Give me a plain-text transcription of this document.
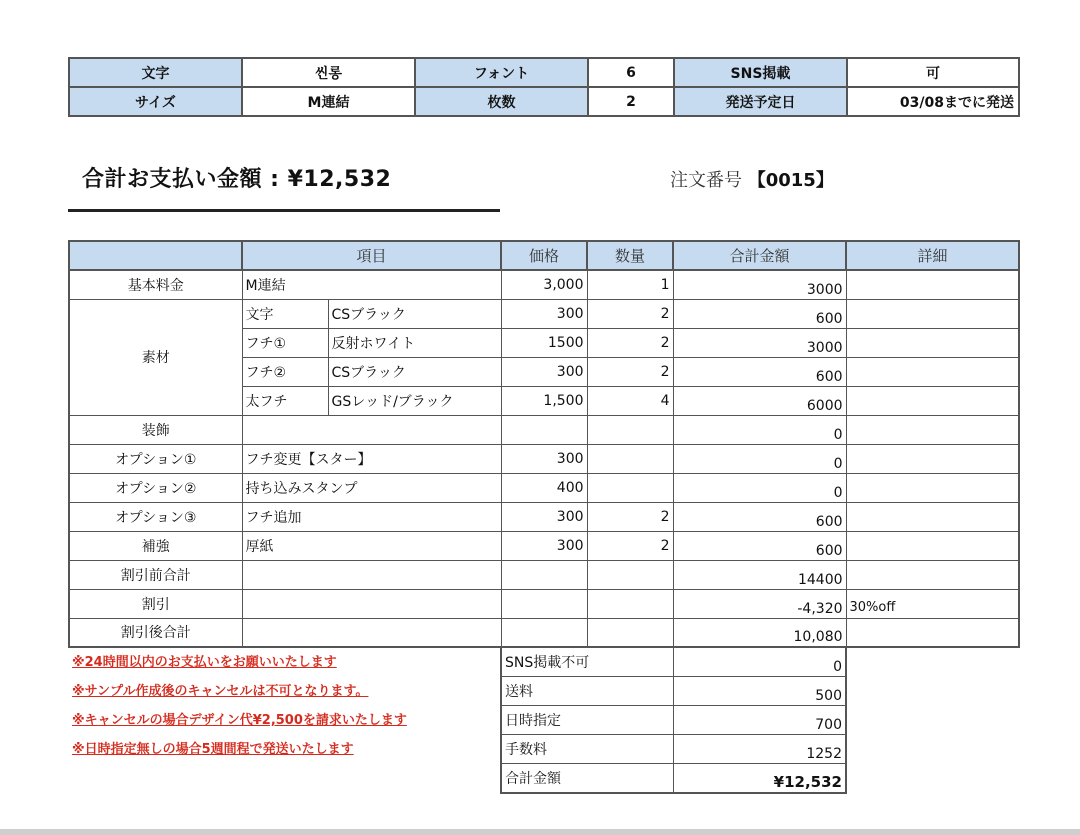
文字	씬롱	フォント	6	SNS掲載	可
サイズ	M連結	枚数	2	発送予定日	03/08までに発送
合計お支払い金額 : ¥12,532	注文番号 【0015】
	項目		価格	数量	合計金額	詳細
基本料金	M連結		3,000	1	3000	
素材	文字	CSブラック	300	2	600	
	フチ①	反射ホワイト	1500	2	3000	
	フチ②	CSブラック	300	2	600	
	太フチ	GSレッド/ブラック	1,500	4	6000	
装飾					0	
オプション①	フチ変更【スター】		300		0	
オプション②	持ち込みスタンプ		400		0	
オプション③	フチ追加		300	2	600	
補強	厚紙		300	2	600	
割引前合計					14400	
割引					-4,320	30%off
割引後合計					10,080	
※24時間以内のお支払いをお願いいたします
※サンプル作成後のキャンセルは不可となります。
※キャンセルの場合デザイン代¥2,500を請求いたします
※日時指定無しの場合5週間程で発送いたします
SNS掲載不可	0
送料	500
日時指定	700
手数料	1252
合計金額	¥12,532
